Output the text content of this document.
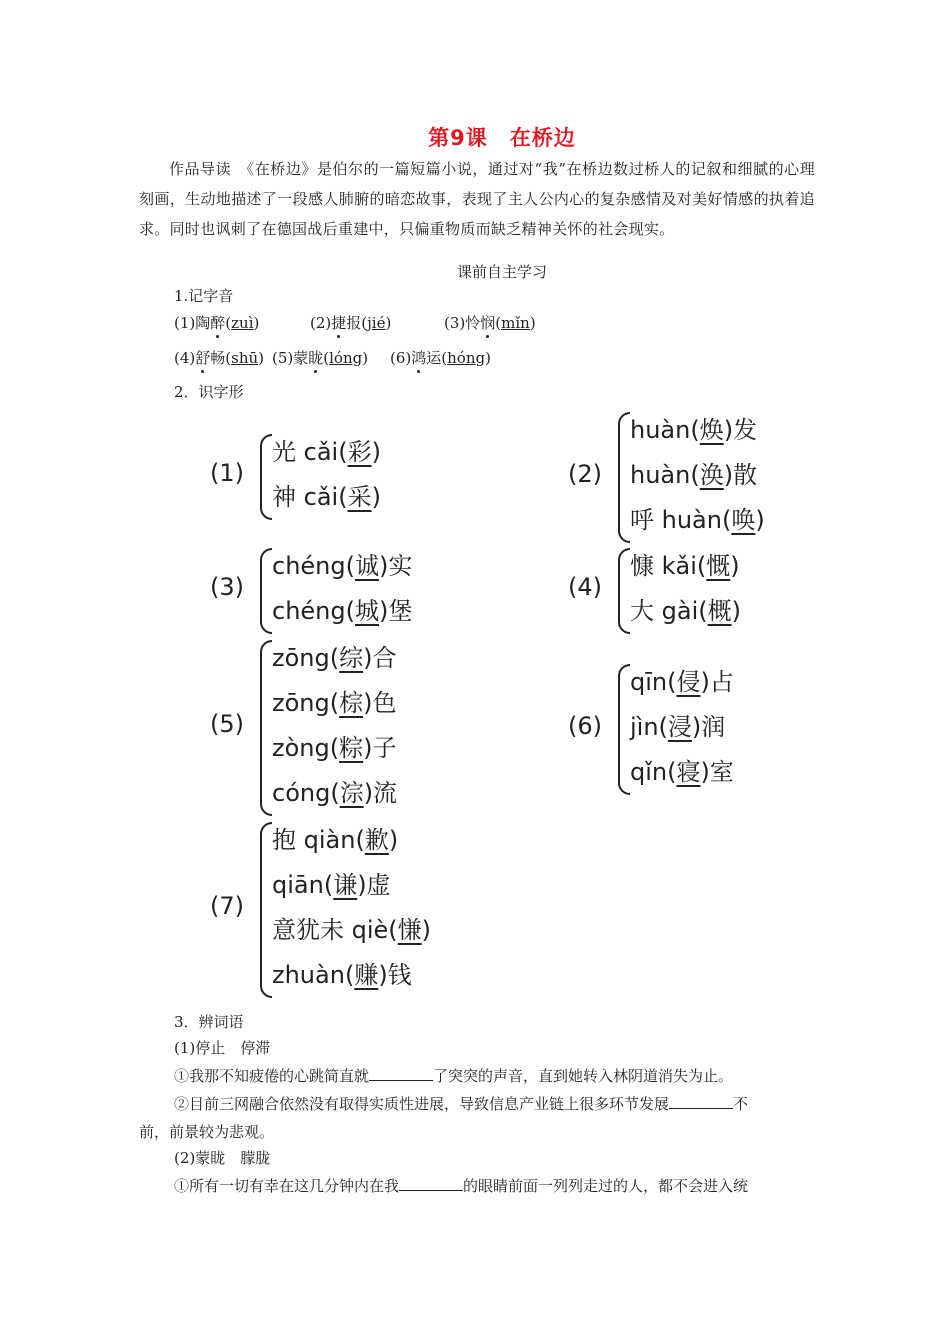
第9课　在桥边
作品导读　《在桥边》是伯尔的一篇短篇小说，通过对“我”在桥边数过桥人的记叙和细腻的心理刻画，生动地描述了一段感人肺腑的暗恋故事，表现了主人公内心的复杂感情及对美好情感的执着追求。同时也讽刺了在德国战后重建中，只偏重物质而缺乏精神关怀的社会现实。
课前自主学习
1.记字音
(1)陶醉(zuì)	(2)捷报(jié)	(3)怜悯(mǐn)
(4)舒畅(shū) (5)蒙眬(lóng) (6)鸿运(hóng)
2．识字形
(1)
光 cǎi(彩)
神 cǎi(采)
(2)
huàn(焕)发
huàn(涣)散
呼 huàn(唤)
(3)
chéng(诚)实
chéng(城)堡
(4)
慷 kǎi(慨)
大 gài(概)
(5)
zōng(综)合
zōng(棕)色
zòng(粽)子
cóng(淙)流
(6)
qīn(侵)占
jìn(浸)润
qǐn(寝)室
(7)
抱 qiàn(歉)
qiān(谦)虚
意犹未 qiè(慊)
zhuàn(赚)钱
3．辨词语
(1)停止　停滞
①我那不知疲倦的心跳简直就	了突突的声音，直到她转入林阴道消失为止。
②目前三网融合依然没有取得实质性进展，导致信息产业链上很多环节发展	不
前，前景较为悲观。
(2)蒙眬　朦胧
①所有一切有幸在这几分钟内在我	的眼睛前面一列列走过的人，都不会进入统
